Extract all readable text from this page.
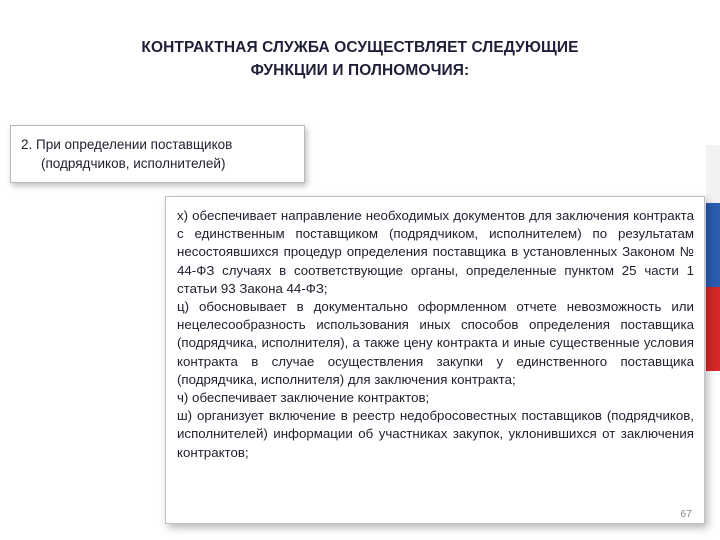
КОНТРАКТНАЯ СЛУЖБА ОСУЩЕСТВЛЯЕТ СЛЕДУЮЩИЕ
ФУНКЦИИ И ПОЛНОМОЧИЯ:
2. При определении поставщиков
(подрядчиков, исполнителей)

х) обеспечивает направление необходимых документов для заключения контракта с единственным поставщиком (подрядчиком, исполнителем) по результатам несостоявшихся процедур определения поставщика в установленных Законом № 44-ФЗ случаях в соответствующие органы, определенные пунктом 25 части 1 статьи 93 Закона 44-ФЗ;

ц) обосновывает в документально оформленном отчете невозможность или нецелесообразность использования иных способов определения поставщика (подрядчика, исполнителя), а также цену контракта и иные существенные условия контракта в случае осуществления закупки у единственного поставщика (подрядчика, исполнителя) для заключения контракта;

ч) обеспечивает заключение контрактов;

ш) организует включение в реестр недобросовестных поставщиков (подрядчиков, исполнителей) информации об участниках закупок, уклонившихся от заключения контрактов;

67
